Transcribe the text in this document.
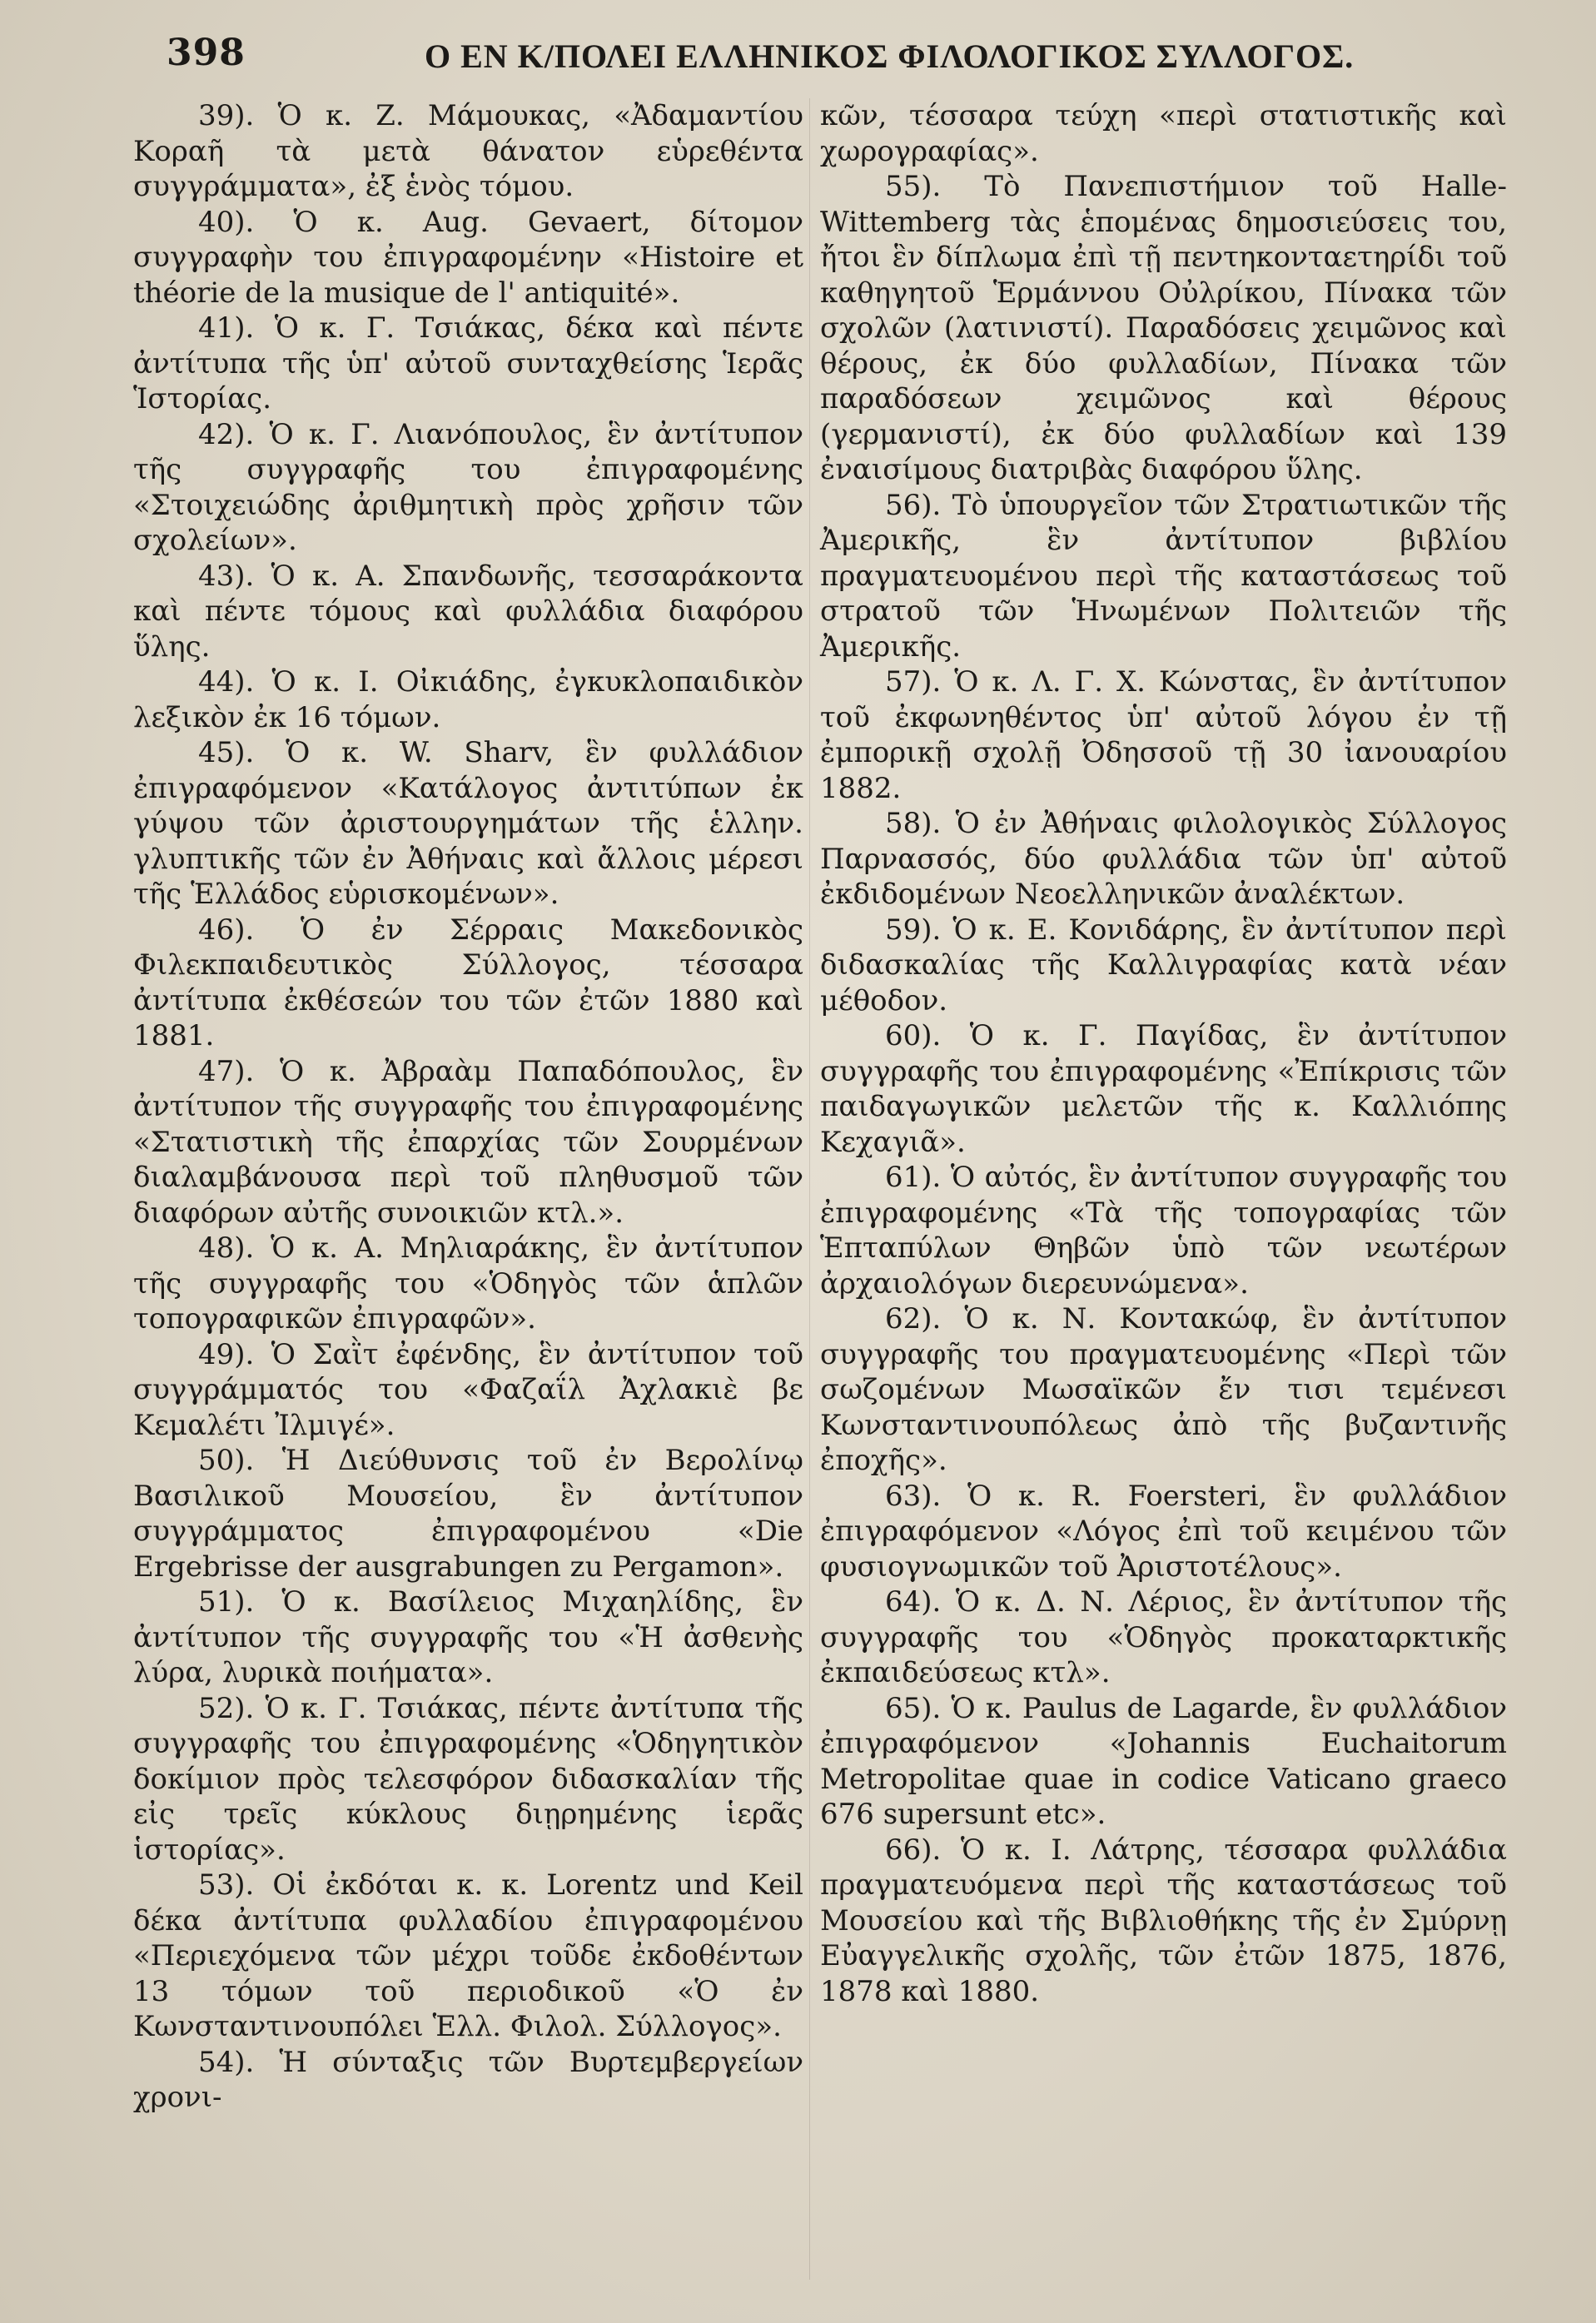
398	Ο ΕΝ Κ/ΠΟΛΕΙ ΕΛΛΗΝΙΚΟΣ ΦΙΛΟΛΟΓΙΚΟΣ ΣΥΛΛΟΓΟΣ.

39). Ὁ κ. Ζ. Μάμουκας, «Ἀδαμαντίου Κοραῆ τὰ μετὰ θάνατον εὑρεθέντα συγγράμματα», ἐξ ἑνὸς τόμου.

40). Ὁ κ. Aug. Gevaert, δίτομον συγγραφὴν του ἐπιγραφομένην «Histoire et théorie de la musique de l' antiquité».

41). Ὁ κ. Γ. Τσιάκας, δέκα καὶ πέντε ἀντίτυπα τῆς ὑπ' αὐτοῦ συνταχθείσης Ἱερᾶς Ἱστορίας.

42). Ὁ κ. Γ. Λιανόπουλος, ἓν ἀντίτυπον τῆς συγγραφῆς του ἐπιγραφομένης «Στοιχειώδης ἀριθμητικὴ πρὸς χρῆσιν τῶν σχολείων».

43). Ὁ κ. Α. Σπανδωνῆς, τεσσαράκοντα καὶ πέντε τόμους καὶ φυλλάδια διαφόρου ὕλης.

44). Ὁ κ. Ι. Οἰκιάδης, ἐγκυκλοπαιδικὸν λεξικὸν ἐκ 16 τόμων.

45). Ὁ κ. W. Sharv, ἓν φυλλάδιον ἐπιγραφόμενον «Κατάλογος ἀντιτύπων ἐκ γύψου τῶν ἀριστουργημάτων τῆς ἑλλην. γλυπτικῆς τῶν ἐν Ἀθήναις καὶ ἄλλοις μέρεσι τῆς Ἑλλάδος εὑρισκομένων».

46). Ὁ ἐν Σέρραις Μακεδονικὸς Φιλεκπαιδευτικὸς Σύλλογος, τέσσαρα ἀντίτυπα ἐκθέσεών του τῶν ἐτῶν 1880 καὶ 1881.

47). Ὁ κ. Ἀβραὰμ Παπαδόπουλος, ἓν ἀντίτυπον τῆς συγγραφῆς του ἐπιγραφομένης «Στατιστικὴ τῆς ἐπαρχίας τῶν Σουρμένων διαλαμβάνουσα περὶ τοῦ πληθυσμοῦ τῶν διαφόρων αὐτῆς συνοικιῶν κτλ.».

48). Ὁ κ. Α. Μηλιαράκης, ἓν ἀντίτυπον τῆς συγγραφῆς του «Ὁδηγὸς τῶν ἁπλῶν τοπογραφικῶν ἐπιγραφῶν».

49). Ὁ Σαῒτ ἐφένδης, ἓν ἀντίτυπον τοῦ συγγράμματός του «Φαζαΐλ Ἀχλακιὲ βε Κεμαλέτι Ἰλμιγέ».

50). Ἡ Διεύθυνσις τοῦ ἐν Βερολίνῳ Βασιλικοῦ Μουσείου, ἓν ἀντίτυπον συγγράμματος ἐπιγραφομένου «Die Ergebrisse der ausgrabungen zu Pergamon».

51). Ὁ κ. Βασίλειος Μιχαηλίδης, ἓν ἀντίτυπον τῆς συγγραφῆς του «Ἡ ἀσθενὴς λύρα, λυρικὰ ποιήματα».

52). Ὁ κ. Γ. Τσιάκας, πέντε ἀντίτυπα τῆς συγγραφῆς του ἐπιγραφομένης «Ὁδηγητικὸν δοκίμιον πρὸς τελεσφόρον διδασκαλίαν τῆς εἰς τρεῖς κύκλους διῃρημένης ἱερᾶς ἱστορίας».

53). Οἱ ἐκδόται κ. κ. Lorentz und Keil δέκα ἀντίτυπα φυλλαδίου ἐπιγραφομένου «Περιεχόμενα τῶν μέχρι τοῦδε ἐκδοθέντων 13 τόμων τοῦ περιοδικοῦ «Ὁ ἐν Κωνσταντινουπόλει Ἑλλ. Φιλολ. Σύλλογος».

54). Ἡ σύνταξις τῶν Βυρτεμβεργείων χρονι-

κῶν, τέσσαρα τεύχη «περὶ στατιστικῆς καὶ χωρογραφίας».

55). Τὸ Πανεπιστήμιον τοῦ Halle-Wittemberg τὰς ἑπομένας δημοσιεύσεις του, ἤτοι ἓν δίπλωμα ἐπὶ τῇ πεντηκονταετηρίδι τοῦ καθηγητοῦ Ἑρμάννου Οὐλρίκου, Πίνακα τῶν σχολῶν (λατινιστί). Παραδόσεις χειμῶνος καὶ θέρους, ἐκ δύο φυλλαδίων, Πίνακα τῶν παραδόσεων χειμῶνος καὶ θέρους (γερμανιστί), ἐκ δύο φυλλαδίων καὶ 139 ἐναισίμους διατριβὰς διαφόρου ὕλης.

56). Τὸ ὑπουργεῖον τῶν Στρατιωτικῶν τῆς Ἀμερικῆς, ἓν ἀντίτυπον βιβλίου πραγματευομένου περὶ τῆς καταστάσεως τοῦ στρατοῦ τῶν Ἡνωμένων Πολιτειῶν τῆς Ἀμερικῆς.

57). Ὁ κ. Λ. Γ. Χ. Κώνστας, ἓν ἀντίτυπον τοῦ ἐκφωνηθέντος ὑπ' αὐτοῦ λόγου ἐν τῇ ἐμπορικῇ σχολῇ Ὀδησσοῦ τῇ 30 ἰανουαρίου 1882.

58). Ὁ ἐν Ἀθήναις φιλολογικὸς Σύλλογος Παρνασσός, δύο φυλλάδια τῶν ὑπ' αὐτοῦ ἐκδιδομένων Νεοελληνικῶν ἀναλέκτων.

59). Ὁ κ. Ε. Κονιδάρης, ἓν ἀντίτυπον περὶ διδασκαλίας τῆς Καλλιγραφίας κατὰ νέαν μέθοδον.

60). Ὁ κ. Γ. Παγίδας, ἓν ἀντίτυπον συγγραφῆς του ἐπιγραφομένης «Ἐπίκρισις τῶν παιδαγωγικῶν μελετῶν τῆς κ. Καλλιόπης Κεχαγιᾶ».

61). Ὁ αὐτός, ἓν ἀντίτυπον συγγραφῆς του ἐπιγραφομένης «Τὰ τῆς τοπογραφίας τῶν Ἑπταπύλων Θηβῶν ὑπὸ τῶν νεωτέρων ἀρχαιολόγων διερευνώμενα».

62). Ὁ κ. Ν. Κοντακώφ, ἓν ἀντίτυπον συγγραφῆς του πραγματευομένης «Περὶ τῶν σωζομένων Μωσαϊκῶν ἔν τισι τεμένεσι Κωνσταντινουπόλεως ἀπὸ τῆς βυζαντινῆς ἐποχῆς».

63). Ὁ κ. R. Foersteri, ἓν φυλλάδιον ἐπιγραφόμενον «Λόγος ἐπὶ τοῦ κειμένου τῶν φυσιογνωμικῶν τοῦ Ἀριστοτέλους».

64). Ὁ κ. Δ. Ν. Λέριος, ἓν ἀντίτυπον τῆς συγγραφῆς του «Ὁδηγὸς προκαταρκτικῆς ἐκπαιδεύσεως κτλ».

65). Ὁ κ. Paulus de Lagarde, ἓν φυλλάδιον ἐπιγραφόμενον «Johannis Euchaitorum Metropolitae quae in codice Vaticano graeco 676 supersunt etc».

66). Ὁ κ. Ι. Λάτρης, τέσσαρα φυλλάδια πραγματευόμενα περὶ τῆς καταστάσεως τοῦ Μουσείου καὶ τῆς Βιβλιοθήκης τῆς ἐν Σμύρνῃ Εὐαγγελικῆς σχολῆς, τῶν ἐτῶν 1875, 1876, 1878 καὶ 1880.
